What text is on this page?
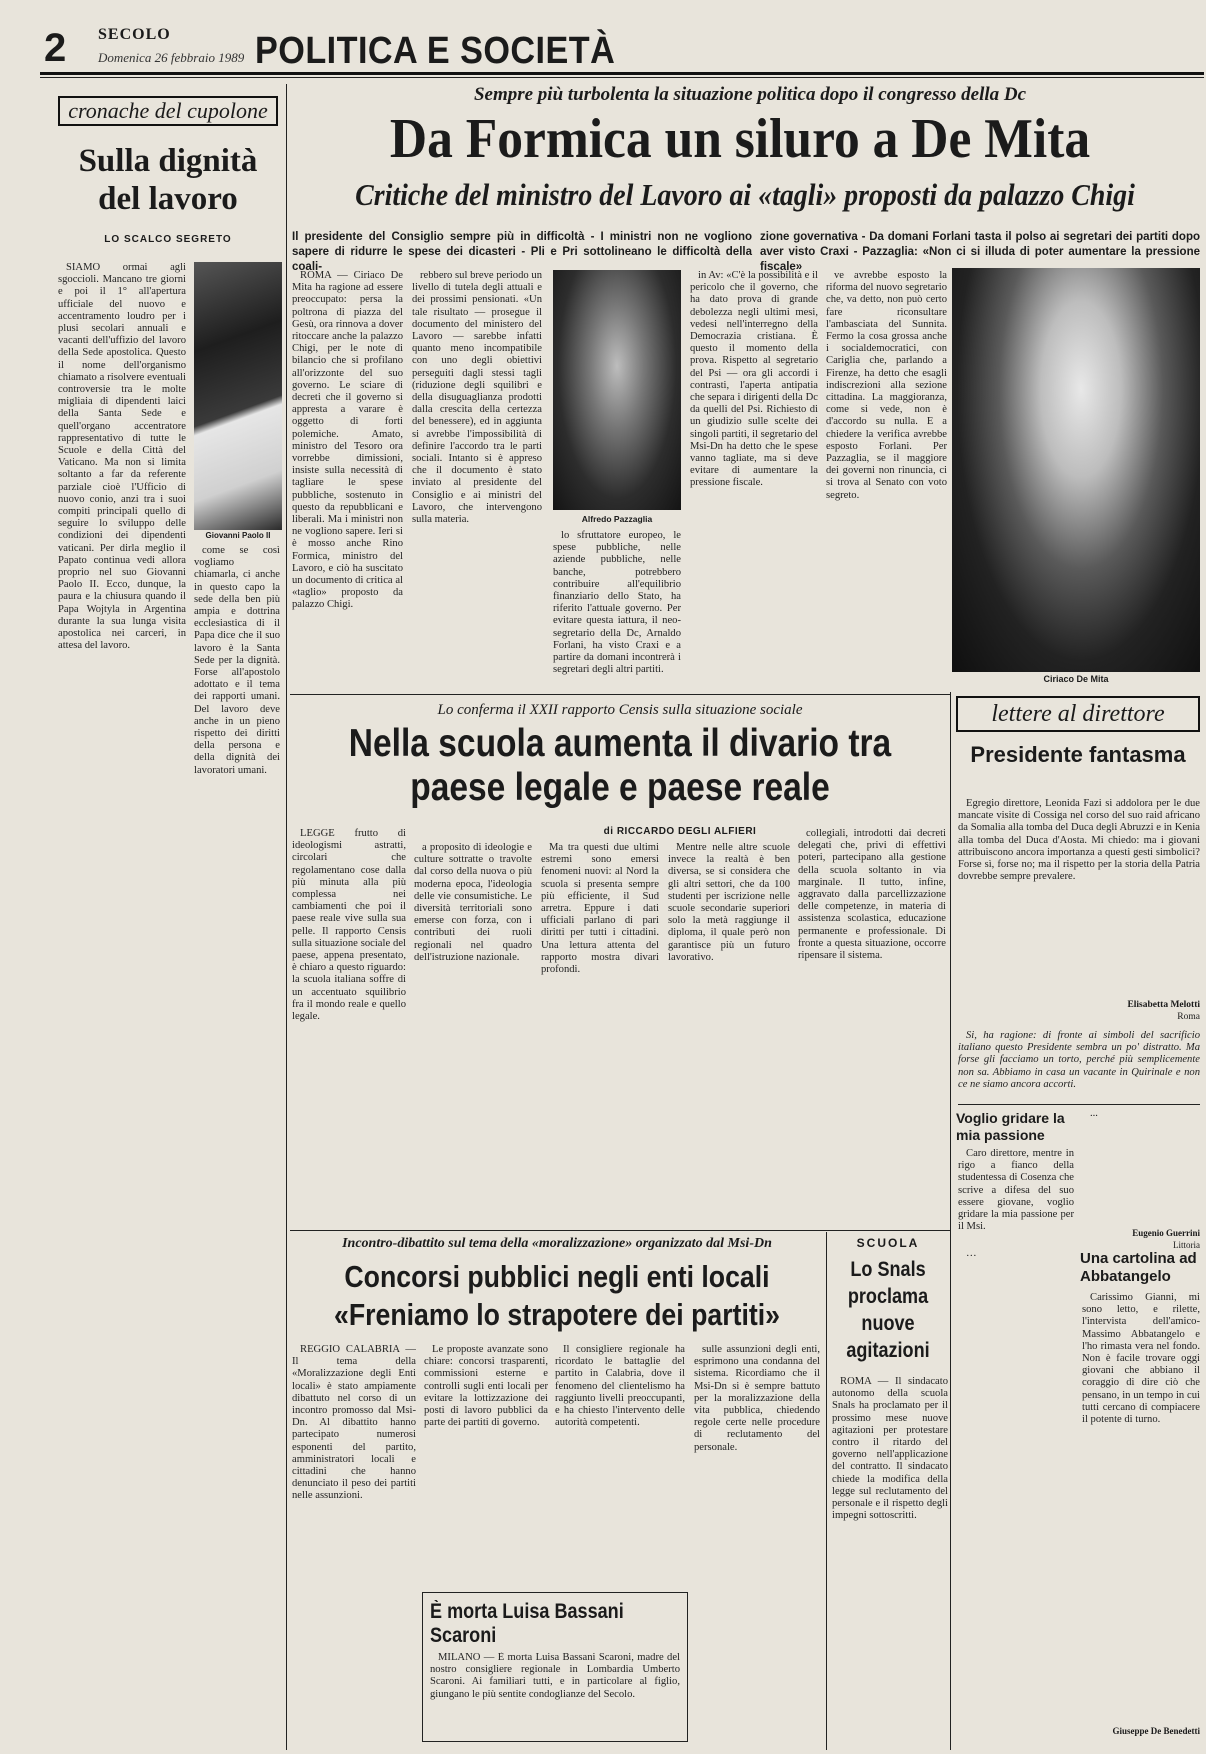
2 SECOLO
Domenica 26 febbraio 1989 POLITICA E SOCIETÀ
cronache del cupolone
Sulla dignità del lavoro
LO SCALCO SEGRETO

SIAMO ormai agli sgoccioli. Mancano tre giorni e poi il 1° all'apertura ufficiale del nuovo e accentramento loudro per i plusi secolari annuali e vacanti dell'uffizio del lavoro della Sede apostolica. Questo il nome dell'organismo chiamato a risolvere eventuali controversie tra le molte migliaia di dipendenti laici della Santa Sede e quell'organo accentratore rappresentativo di tutte le Scuole e della Città del Vaticano. Ma non si limita soltanto a far da referente parziale cioè l'Ufficio di nuovo conio, anzi tra i suoi compiti principali quello di seguire lo sviluppo delle condizioni dei dipendenti vaticani. Per dirla meglio il Papato continua vedi allora proprio nel suo Giovanni Paolo II. Ecco, dunque, la paura e la chiusura quando il Papa Wojtyla in Argentina durante la sua lunga visita apostolica nei carceri, in attesa del lavoro.

Giovanni Paolo II

come se così vogliamo chiamarla, ci anche in questo capo la sede della ben più ampia e dottrina ecclesiastica di il Papa dice che il suo lavoro è la Santa Sede per la dignità. Forse all'apostolo adottato e il tema dei rapporti umani. Del lavoro deve anche in un pieno rispetto dei diritti della persona e della dignità dei lavoratori umani.

Sempre più turbolenta la situazione politica dopo il congresso della Dc
Da Formica un siluro a De Mita
Critiche del ministro del Lavoro ai «tagli» proposti da palazzo Chigi
Il presidente del Consiglio sempre più in difficoltà - I ministri non ne vogliono sapere di ridurre le spese dei dicasteri - Pli e Pri sottolineano le difficoltà della coali-
zione governativa - Da domani Forlani tasta il polso ai segretari dei partiti dopo aver visto Craxi - Pazzaglia: «Non ci si illuda di poter aumentare la pressione fiscale»

ROMA — Ciriaco De Mita ha ragione ad essere preoccupato: persa la poltrona di piazza del Gesù, ora rinnova a dover ritoccare anche la palazzo Chigi, per le note di bilancio che si profilano all'orizzonte del suo governo. Le sciare di decreti che il governo si appresta a varare è oggetto di forti polemiche. Amato, ministro del Tesoro ora vorrebbe dimissioni, insiste sulla necessità di tagliare le spese pubbliche, sostenuto in questo da repubblicani e liberali. Ma i ministri non ne vogliono sapere. Ieri si è mosso anche Rino Formica, ministro del Lavoro, e ciò ha suscitato un documento di critica al «taglio» proposto da palazzo Chigi.

rebbero sul breve periodo un livello di tutela degli attuali e dei prossimi pensionati. «Un tale risultato — prosegue il documento del ministero del Lavoro — sarebbe infatti quanto meno incompatibile con uno degli obiettivi perseguiti dagli stessi tagli (riduzione degli squilibri e della disuguaglianza prodotti dalla crescita della certezza del benessere), ed in aggiunta si avrebbe l'impossibilità di definire l'accordo tra le parti sociali. Intanto si è appreso che il documento è stato inviato al presidente del Consiglio e ai ministri del Lavoro, che intervengono sulla materia.	Alfredo Pazzaglia

lo sfruttatore europeo, le spese pubbliche, nelle aziende pubbliche, nelle banche, potrebbero contribuire all'equilibrio finanziario dello Stato, ha riferito l'attuale governo. Per evitare questa iattura, il neo-segretario della Dc, Arnaldo Forlani, ha visto Craxi e a partire da domani incontrerà i segretari degli altri partiti.

in Av: «C'è la possibilità e il pericolo che il governo, che ha dato prova di grande debolezza negli ultimi mesi, vedesi nell'interregno della Democrazia cristiana. È questo il momento della prova. Rispetto al segretario del Psi — ora gli accordi i contrasti, l'aperta antipatia che separa i dirigenti della Dc da quelli del Psi. Richiesto di un giudizio sulle scelte dei singoli partiti, il segretario del Msi-Dn ha detto che le spese vanno tagliate, ma si deve evitare di aumentare la pressione fiscale.

ve avrebbe esposto la riforma del nuovo segretario che, va detto, non può certo fare riconsultare l'ambasciata del Sunnita. Fermo la cosa grossa anche i socialdemocratici, con Cariglia che, parlando a Firenze, ha detto che esagli indiscrezioni alla sezione cittadina. La maggioranza, come si vede, non è d'accordo su nulla. E a chiedere la verifica avrebbe esposto Forlani. Per Pazzaglia, se il maggiore dei governi non rinuncia, ci si trova al Senato con voto segreto.

Ciriaco De Mita
Lo conferma il XXII rapporto Censis sulla situazione sociale
Nella scuola aumenta il divario tra paese legale e paese reale
di RICCARDO DEGLI ALFIERI

LEGGE frutto di ideologismi astratti, circolari che regolamentano cose dalla più minuta alla più complessa nei cambiamenti che poi il paese reale vive sulla sua pelle. Il rapporto Censis sulla situazione sociale del paese, appena presentato, è chiaro a questo riguardo: la scuola italiana soffre di un accentuato squilibrio fra il mondo reale e quello legale.

a proposito di ideologie e culture sottratte o travolte dal corso della nuova o più moderna epoca, l'ideologia delle vie consumistiche. Le diversità territoriali sono emerse con forza, con i contributi dei ruoli regionali nel quadro dell'istruzione nazionale.

Ma tra questi due ultimi estremi sono emersi fenomeni nuovi: al Nord la scuola si presenta sempre più efficiente, il Sud arretra. Eppure i dati ufficiali parlano di pari diritti per tutti i cittadini. Una lettura attenta del rapporto mostra divari profondi.

Mentre nelle altre scuole invece la realtà è ben diversa, se si considera che gli altri settori, che da 100 studenti per iscrizione nelle scuole secondarie superiori solo la metà raggiunge il diploma, il quale però non garantisce più un futuro lavorativo.

collegiali, introdotti dai decreti delegati che, privi di effettivi poteri, partecipano alla gestione della scuola soltanto in via marginale. Il tutto, infine, aggravato dalla parcellizzazione delle competenze, in materia di assistenza scolastica, educazione permanente e professionale. Di fronte a questa situazione, occorre ripensare il sistema.

Incontro-dibattito sul tema della «moralizzazione» organizzato dal Msi-Dn
Concorsi pubblici negli enti locali «Freniamo lo strapotere dei partiti»

REGGIO CALABRIA — Il tema della «Moralizzazione degli Enti locali» è stato ampiamente dibattuto nel corso di un incontro promosso dal Msi-Dn. Al dibattito hanno partecipato numerosi esponenti del partito, amministratori locali e cittadini che hanno denunciato il peso dei partiti nelle assunzioni.

Le proposte avanzate sono chiare: concorsi trasparenti, commissioni esterne e controlli sugli enti locali per evitare la lottizzazione dei posti di lavoro pubblici da parte dei partiti di governo.

Il consigliere regionale ha ricordato le battaglie del partito in Calabria, dove il fenomeno del clientelismo ha raggiunto livelli preoccupanti, e ha chiesto l'intervento delle autorità competenti.

sulle assunzioni degli enti, esprimono una condanna del sistema. Ricordiamo che il Msi-Dn si è sempre battuto per la moralizzazione della vita pubblica, chiedendo regole certe nelle procedure di reclutamento del personale.

È morta Luisa Bassani Scaroni

MILANO — È morta Luisa Bassani Scaroni, madre del nostro consigliere regionale in Lombardia Umberto Scaroni. Ai familiari tutti, e in particolare al figlio, giungano le più sentite condoglianze del Secolo.

SCUOLA
Lo Snals proclama nuove agitazioni

ROMA — Il sindacato autonomo della scuola Snals ha proclamato per il prossimo mese nuove agitazioni per protestare contro il ritardo del governo nell'applicazione del contratto. Il sindacato chiede la modifica della legge sul reclutamento del personale e il rispetto degli impegni sottoscritti.

lettere al direttore
Presidente fantasma

Egregio direttore, Leonida Fazi si addolora per le due mancate visite di Cossiga nel corso del suo raid africano da Somalia alla tomba del Duca degli Abruzzi e in Kenia alla tomba del Duca d'Aosta. Mi chiedo: ma i giovani attribuiscono ancora importanza a questi gesti simbolici? Forse sì, forse no; ma il rispetto per la storia della Patria dovrebbe sempre prevalere.

Elisabetta Melotti
Roma

Si, ha ragione: di fronte ai simboli del sacrificio italiano questo Presidente sembra un po' distratto. Ma forse gli facciamo un torto, perché più semplicemente non sa. Abbiamo in casa un vacante in Quirinale e non ce ne siamo ancora accorti.

Voglio gridare la mia passione

Caro direttore, mentre in rigo a fianco della studentessa di Cosenza che scrive a difesa del suo essere giovane, voglio gridare la mia passione per il Msi.

...

Eugenio Guerrini
Littoria
Una cartolina ad Abbatangelo

…

Carissimo Gianni, mi sono letto, e rilette, l'intervista dell'amico-Massimo Abbatangelo e l'ho rimasta vera nel fondo. Non è facile trovare oggi giovani che abbiano il coraggio di dire ciò che pensano, in un tempo in cui tutti cercano di compiacere il potente di turno.

Giuseppe De Benedetti
